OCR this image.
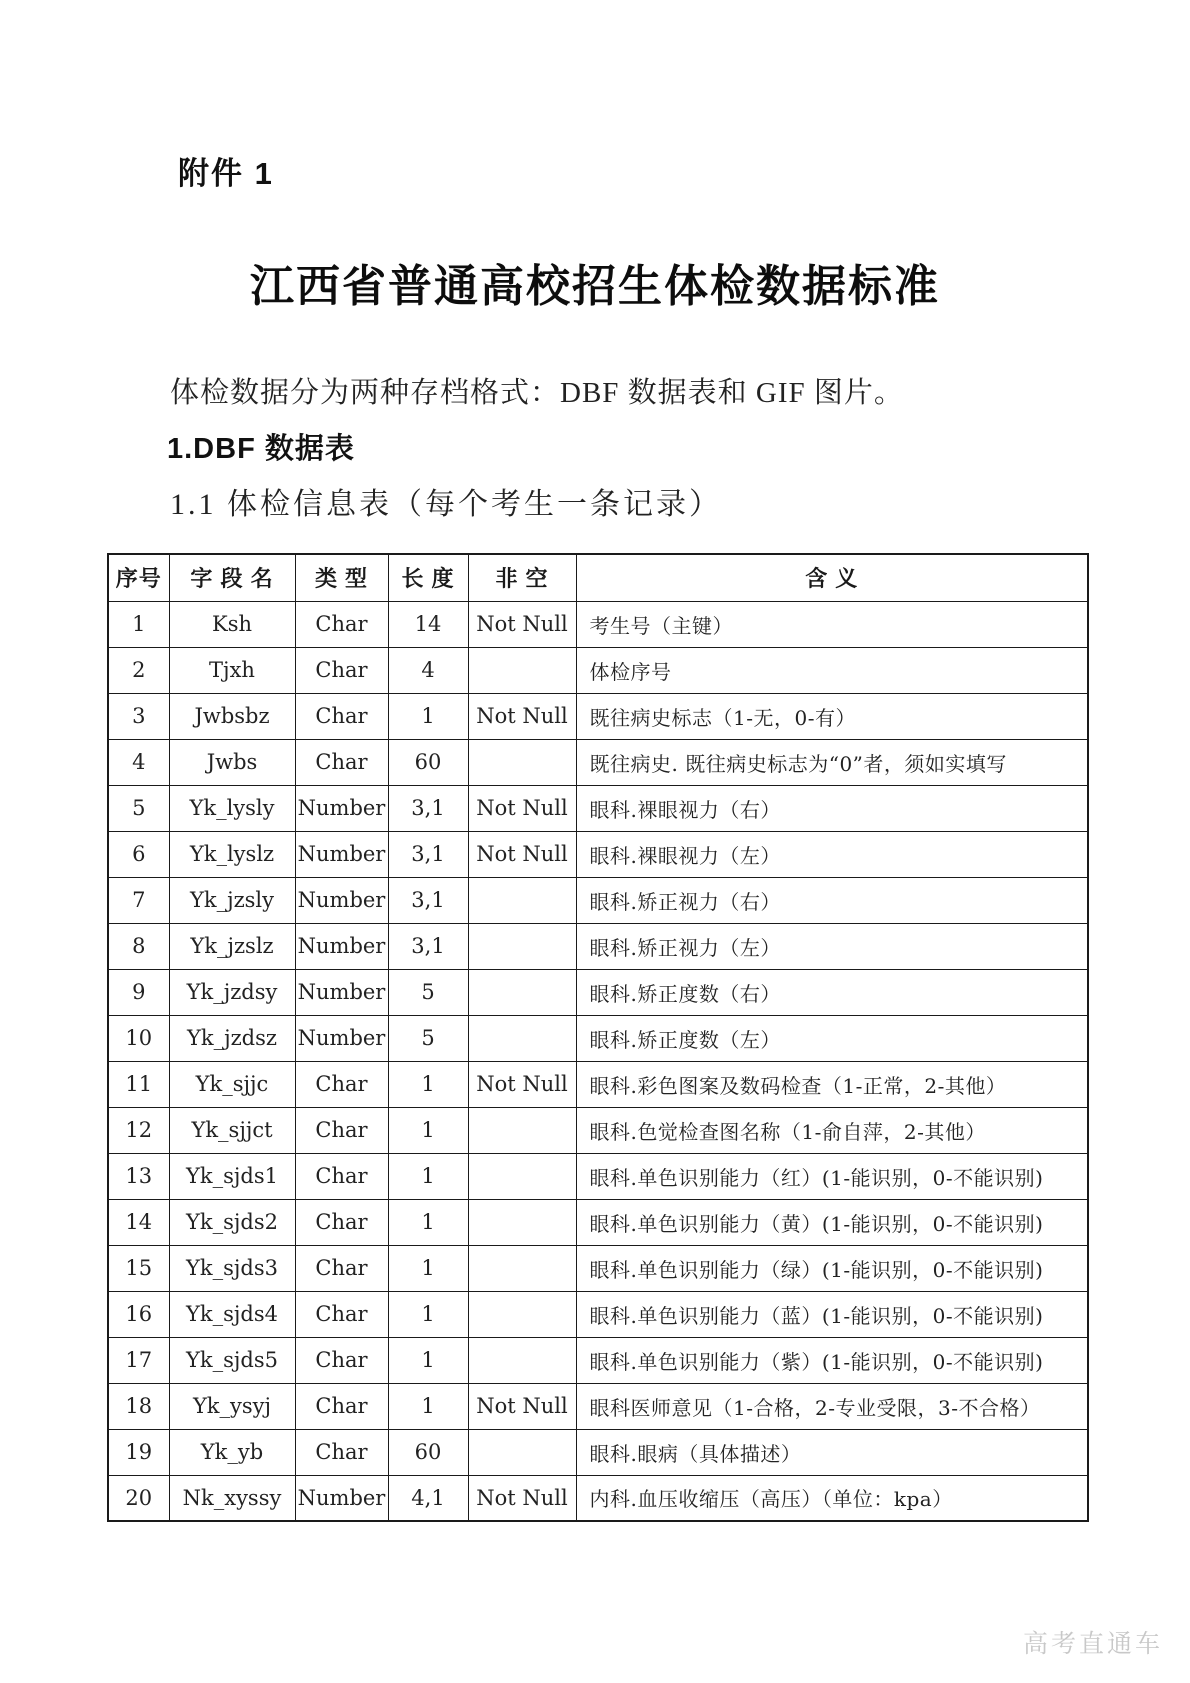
附件 1
江西省普通高校招生体检数据标准

体检数据分为两种存档格式：DBF 数据表和 GIF 图片。

1.DBF 数据表
1.1 体检信息表（每个考生一条记录）
序号	字 段 名	类 型	长 度	非 空	含 义
1	Ksh	Char	14	Not Null	考生号（主键）
2	Tjxh	Char	4		体检序号
3	Jwbsbz	Char	1	Not Null	既往病史标志（1-无，0-有）
4	Jwbs	Char	60		既往病史. 既往病史标志为“0”者，须如实填写
5	Yk_lysly	Number	3,1	Not Null	眼科.裸眼视力（右）
6	Yk_lyslz	Number	3,1	Not Null	眼科.裸眼视力（左）
7	Yk_jzsly	Number	3,1		眼科.矫正视力（右）
8	Yk_jzslz	Number	3,1		眼科.矫正视力（左）
9	Yk_jzdsy	Number	5		眼科.矫正度数（右）
10	Yk_jzdsz	Number	5		眼科.矫正度数（左）
11	Yk_sjjc	Char	1	Not Null	眼科.彩色图案及数码检查（1-正常，2-其他）
12	Yk_sjjct	Char	1		眼科.色觉检查图名称（1-俞自萍，2-其他）
13	Yk_sjds1	Char	1		眼科.单色识别能力（红）(1-能识别，0-不能识别)
14	Yk_sjds2	Char	1		眼科.单色识别能力（黄）(1-能识别，0-不能识别)
15	Yk_sjds3	Char	1		眼科.单色识别能力（绿）(1-能识别，0-不能识别)
16	Yk_sjds4	Char	1		眼科.单色识别能力（蓝）(1-能识别，0-不能识别)
17	Yk_sjds5	Char	1		眼科.单色识别能力（紫）(1-能识别，0-不能识别)
18	Yk_ysyj	Char	1	Not Null	眼科医师意见（1-合格，2-专业受限，3-不合格）
19	Yk_yb	Char	60		眼科.眼病（具体描述）
20	Nk_xyssy	Number	4,1	Not Null	内科.血压收缩压（高压）（单位：kpa）
高考直通车
